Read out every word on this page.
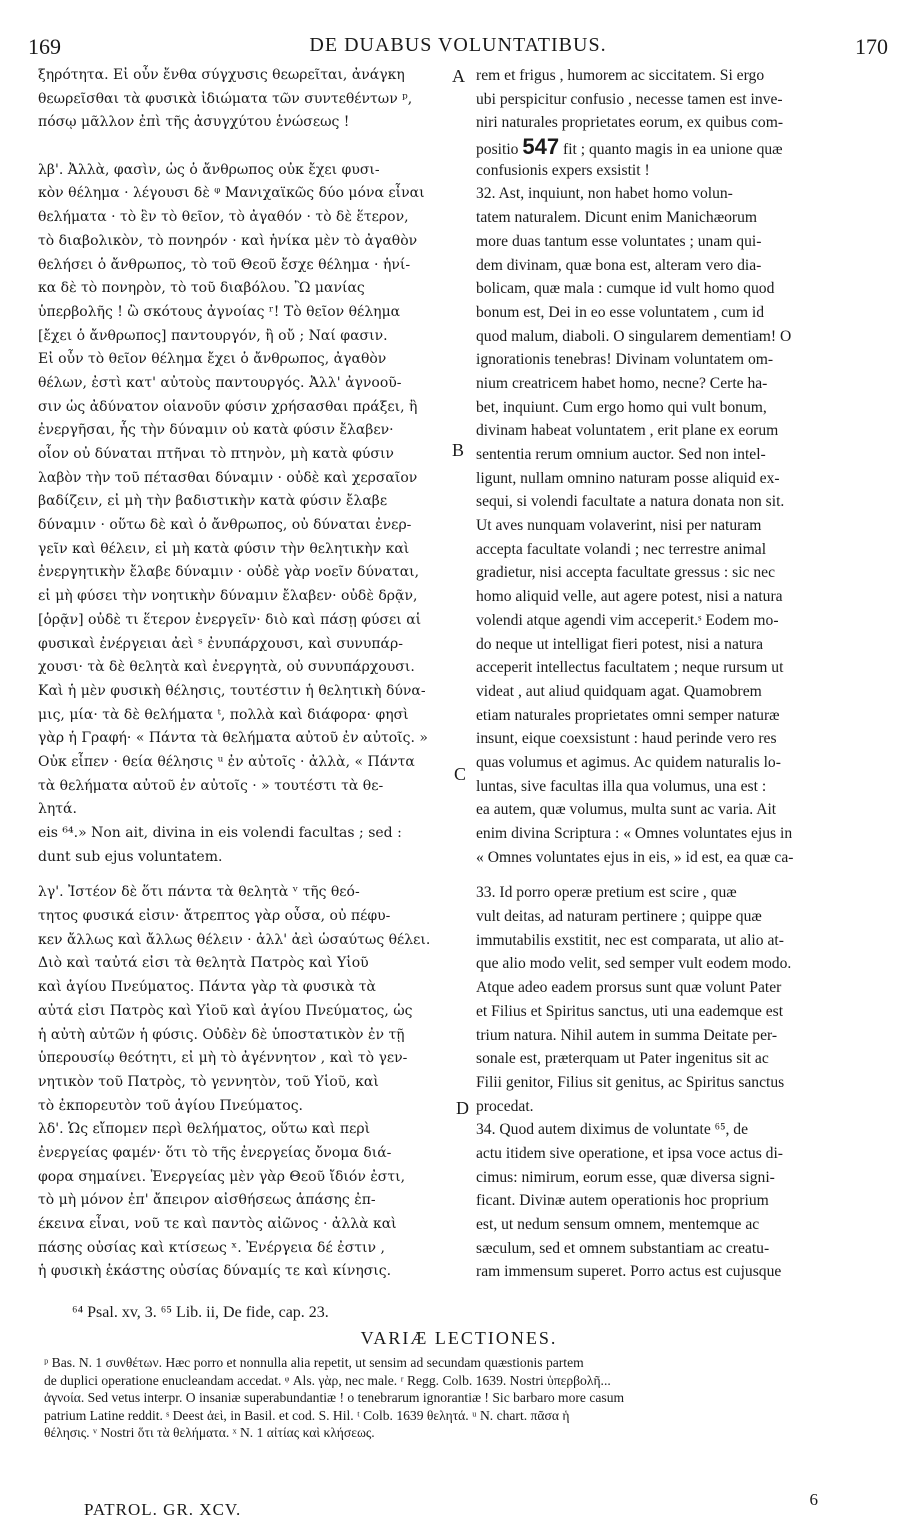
169	DE DUABUS VOLUNTATIBUS.	170
ξηρότητα. Εἰ οὖν ἔνθα σύγχυσις θεωρεῖται, ἀνάγκη
θεωρεῖσθαι τὰ φυσικὰ ἰδιώματα τῶν συντεθέντων ᵖ,
πόσῳ μᾶλλον ἐπὶ τῆς ἀσυγχύτου ἑνώσεως !
λβ'. Ἀλλὰ, φασὶν, ὡς ὁ ἄνθρωπος οὐκ ἔχει φυσι-
κὸν θέλημα · λέγουσι δὲ ᵠ Μανιχαϊκῶς δύο μόνα εἶναι
θελήματα · τὸ ἓν τὸ θεῖον, τὸ ἀγαθόν · τὸ δὲ ἕτερον,
τὸ διαβολικὸν, τὸ πονηρόν · καὶ ἡνίκα μὲν τὸ ἀγαθὸν
θελήσει ὁ ἄνθρωπος, τὸ τοῦ Θεοῦ ἔσχε θέλημα · ἡνί-
κα δὲ τὸ πονηρὸν, τὸ τοῦ διαβόλου. Ὢ μανίας
ὑπερβολῆς ! ὢ σκότους ἀγνοίας ʳ! Τὸ θεῖον θέλημα
[ἔχει ὁ ἄνθρωπος] παντουργόν, ἢ οὔ ; Ναί φασιν.
Εἰ οὖν τὸ θεῖον θέλημα ἔχει ὁ ἄνθρωπος, ἀγαθὸν
θέλων, ἐστὶ κατ' αὐτοὺς παντουργός. Ἀλλ' ἀγνοοῦ-
σιν ὡς ἀδύνατον οἱανοῦν φύσιν χρήσασθαι πράξει, ἢ
ἐνεργῆσαι, ἧς τὴν δύναμιν οὐ κατὰ φύσιν ἔλαβεν·
οἷον οὐ δύναται πτῆναι τὸ πτηνὸν, μὴ κατὰ φύσιν
λαβὸν τὴν τοῦ πέτασθαι δύναμιν · οὐδὲ καὶ χερσαῖον
βαδίζειν, εἰ μὴ τὴν βαδιστικὴν κατὰ φύσιν ἔλαβε
δύναμιν · οὕτω δὲ καὶ ὁ ἄνθρωπος, οὐ δύναται ἐνερ-
γεῖν καὶ θέλειν, εἰ μὴ κατὰ φύσιν τὴν θελητικὴν καὶ
ἐνεργητικὴν ἔλαβε δύναμιν · οὐδὲ γὰρ νοεῖν δύναται,
εἰ μὴ φύσει τὴν νοητικὴν δύναμιν ἔλαβεν· οὐδὲ δρᾷν,
[ὁρᾷν] οὐδὲ τι ἕτερον ἐνεργεῖν· διὸ καὶ πάσῃ φύσει αἱ
φυσικαὶ ἐνέργειαι ἀεὶ ˢ ἐνυπάρχουσι, καὶ συνυπάρ-
χουσι· τὰ δὲ θελητὰ καὶ ἐνεργητὰ, οὐ συνυπάρχουσι.
Καὶ ἡ μὲν φυσικὴ θέλησις, τουτέστιν ἡ θελητικὴ δύνα-
μις, μία· τὰ δὲ θελήματα ᵗ, πολλὰ καὶ διάφορα· φησὶ
γὰρ ἡ Γραφή· « Πάντα τὰ θελήματα αὐτοῦ ἐν αὐτοῖς. »
Οὐκ εἶπεν · θεία θέλησις ᵘ ἐν αὐτοῖς · ἀλλὰ, « Πάντα
τὰ θελήματα αὐτοῦ ἐν αὐτοῖς · » τουτέστι τὰ θε-
λητά.
eis ⁶⁴.» Non ait, divina in eis volendi facultas ; sed :
dunt sub ejus voluntatem.
λγ'. Ἰστέον δὲ ὅτι πάντα τὰ θελητὰ ᵛ τῆς θεό-
τητος φυσικά εἰσιν· ἄτρεπτος γὰρ οὖσα, οὐ πέφυ-
κεν ἄλλως καὶ ἄλλως θέλειν · ἀλλ' ἀεὶ ὡσαύτως θέλει.
Διὸ καὶ ταὐτά εἰσι τὰ θελητὰ Πατρὸς καὶ Υἱοῦ
καὶ ἁγίου Πνεύματος. Πάντα γὰρ τὰ φυσικὰ τὰ
αὐτά εἰσι Πατρὸς καὶ Υἱοῦ καὶ ἁγίου Πνεύματος, ὡς
ἡ αὐτὴ αὐτῶν ἡ φύσις. Οὐδὲν δὲ ὑποστατικὸν ἐν τῇ
ὑπερουσίῳ θεότητι, εἰ μὴ τὸ ἀγέννητον , καὶ τὸ γεν-
νητικὸν τοῦ Πατρὸς, τὸ γεννητὸν, τοῦ Υἱοῦ, καὶ
τὸ ἐκπορευτὸν τοῦ ἁγίου Πνεύματος.
λδ'. Ὡς εἴπομεν περὶ θελήματος, οὕτω καὶ περὶ
ἐνεργείας φαμέν· ὅτι τὸ τῆς ἐνεργείας ὄνομα διά-
φορα σημαίνει. Ἐνεργείας μὲν γὰρ Θεοῦ ἴδιόν ἐστι,
τὸ μὴ μόνον ἐπ' ἄπειρον αἰσθήσεως ἁπάσης ἐπ-
έκεινα εἶναι, νοῦ τε καὶ παντὸς αἰῶνος · ἀλλὰ καὶ
πάσης οὐσίας καὶ κτίσεως ˣ. Ἐνέργεια δέ ἐστιν ,
ἡ φυσικὴ ἑκάστης οὐσίας δύναμίς τε καὶ κίνησις.
rem et frigus , humorem ac siccitatem. Si ergo
ubi perspicitur confusio , necesse tamen est inve-
niri naturales proprietates eorum, ex quibus com-
positio 547 fit ; quanto magis in ea unione quæ
confusionis expers exsistit !
32. Ast, inquiunt, non habet homo volun-
tatem naturalem. Dicunt enim Manichæorum
more duas tantum esse voluntates ; unam qui-
dem divinam, quæ bona est, alteram vero dia-
bolicam, quæ mala : cumque id vult homo quod
bonum est, Dei in eo esse voluntatem , cum id
quod malum, diaboli. O singularem dementiam! O
ignorationis tenebras! Divinam voluntatem om-
nium creatricem habet homo, necne? Certe ha-
bet, inquiunt. Cum ergo homo qui vult bonum,
divinam habeat voluntatem , erit plane ex eorum
sententia rerum omnium auctor. Sed non intel-
ligunt, nullam omnino naturam posse aliquid ex-
sequi, si volendi facultate a natura donata non sit.
Ut aves nunquam volaverint, nisi per naturam
accepta facultate volandi ; nec terrestre animal
gradietur, nisi accepta facultate gressus : sic nec
homo aliquid velle, aut agere potest, nisi a natura
volendi atque agendi vim acceperit.ˢ Eodem mo-
do neque ut intelligat fieri potest, nisi a natura
acceperit intellectus facultatem ; neque rursum ut
videat , aut aliud quidquam agat. Quamobrem
etiam naturales proprietates omni semper naturæ
insunt, eique coexsistunt : haud perinde vero res
quas volumus et agimus. Ac quidem naturalis lo-
luntas, sive facultas illa qua volumus, una est :
ea autem, quæ volumus, multa sunt ac varia. Ait
enim divina Scriptura : « Omnes voluntates ejus in
« Omnes voluntates ejus in eis, » id est, ea quæ ca-
33. Id porro operæ pretium est scire , quæ
vult deitas, ad naturam pertinere ; quippe quæ
immutabilis exstitit, nec est comparata, ut alio at-
que alio modo velit, sed semper vult eodem modo.
Atque adeo eadem prorsus sunt quæ volunt Pater
et Filius et Spiritus sanctus, uti una eademque est
trium natura. Nihil autem in summa Deitate per-
sonale est, præterquam ut Pater ingenitus sit ac
Filii genitor, Filius sit genitus, ac Spiritus sanctus
procedat.
34. Quod autem diximus de voluntate ⁶⁵, de
actu itidem sive operatione, et ipsa voce actus di-
cimus: nimirum, eorum esse, quæ diversa signi-
ficant. Divinæ autem operationis hoc proprium
est, ut nedum sensum omnem, mentemque ac
sæculum, sed et omnem substantiam ac creatu-
ram immensum superet. Porro actus est cujusque
A
B
C
D
⁶⁴ Psal. xv, 3. ⁶⁵ Lib. ii, De fide, cap. 23.
VARIÆ LECTIONES.
ᵖ Bas. N. 1 συνθέτων. Hæc porro et nonnulla alia repetit, ut sensim ad secundam quæstionis partem
de duplici operatione enucleandam accedat. ᵠ Als. γὰρ, nec male. ʳ Regg. Colb. 1639. Nostri ὑπερβολῆ...
ἀγνοία. Sed vetus interpr. O insaniæ superabundantiæ ! o tenebrarum ignorantiæ ! Sic barbaro more casum
patrium Latine reddit. ˢ Deest ἀεὶ, in Basil. et cod. S. Hil. ᵗ Colb. 1639 θελητά. ᵘ N. chart. πᾶσα ἡ
θέλησις. ᵛ Nostri ὅτι τὰ θελήματα. ˣ N. 1 αἰτίας καὶ κλήσεως.
PATROL. GR. XCV.
6
